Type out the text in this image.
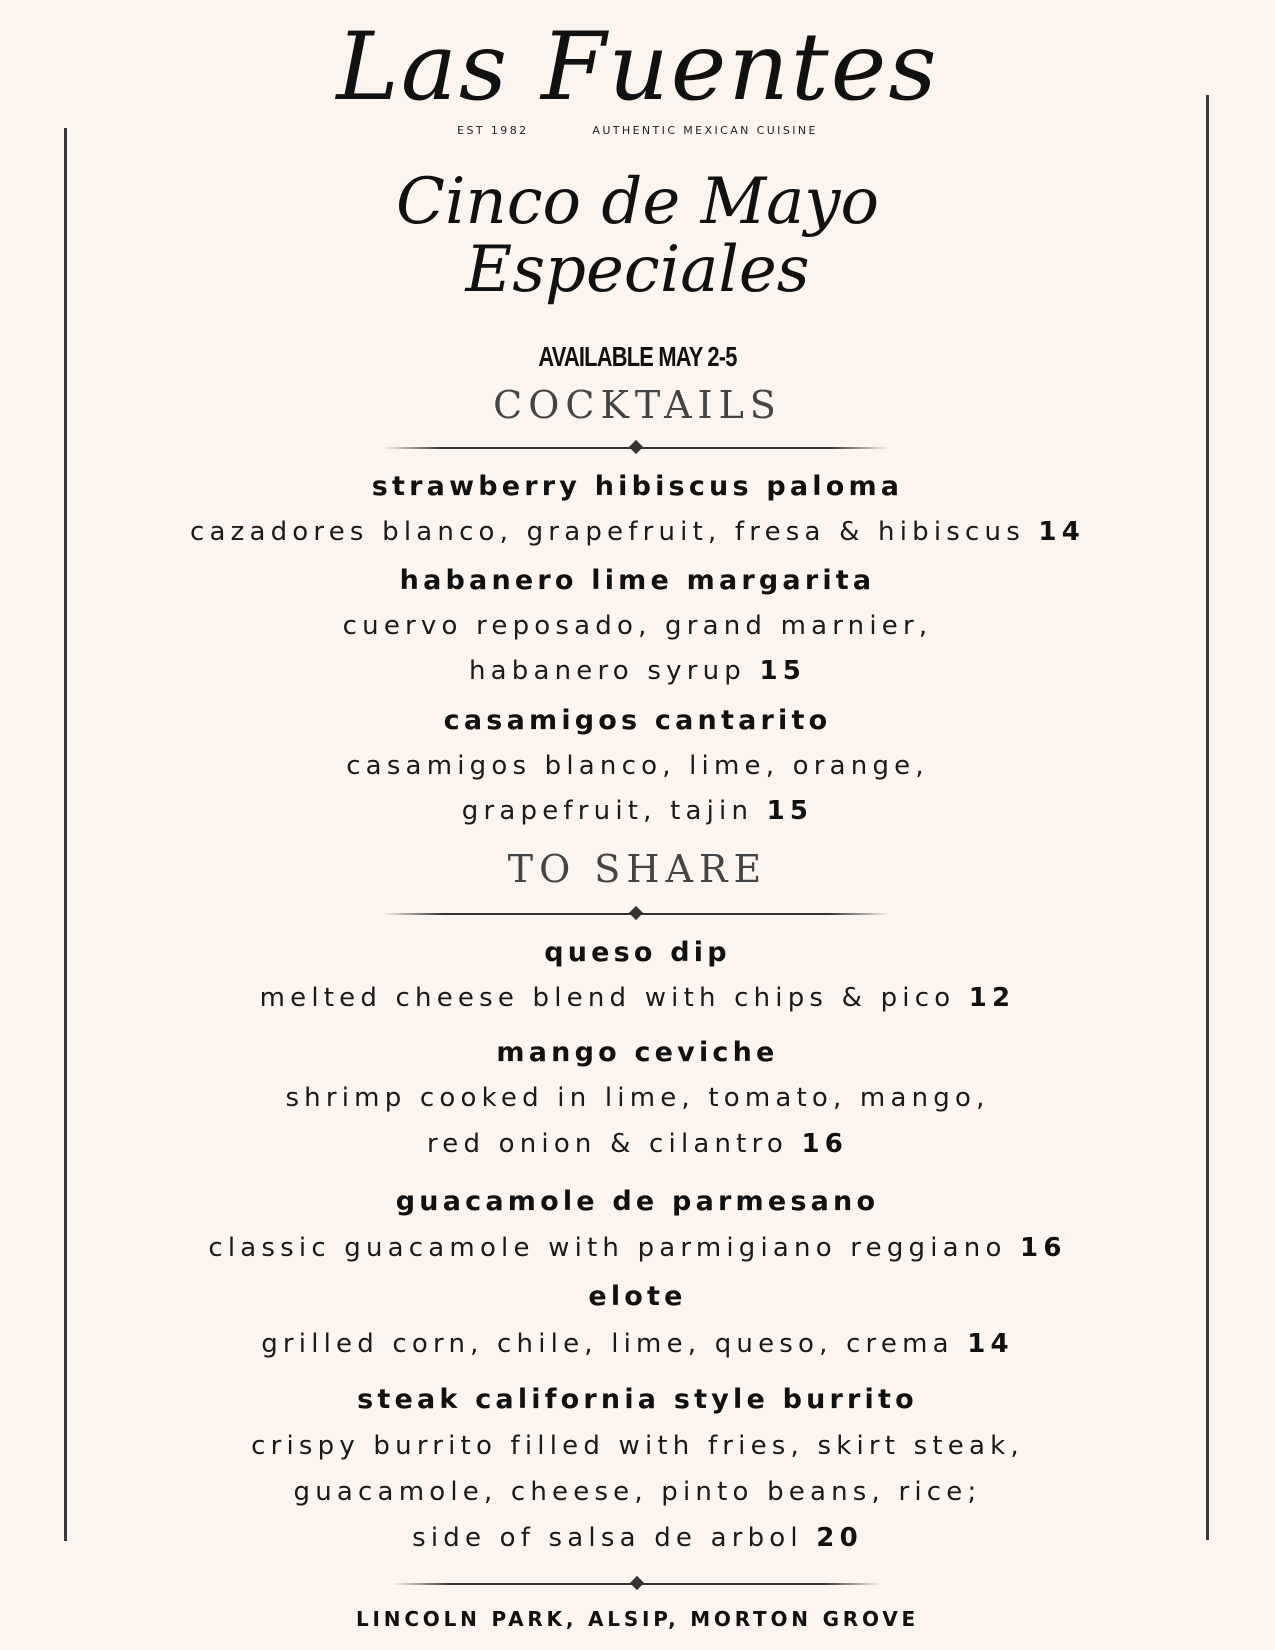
Las Fuentes
EST 1982	AUTHENTIC MEXICAN CUISINE
Cinco de Mayo
Especiales
AVAILABLE MAY 2-5
COCKTAILS
strawberry hibiscus paloma
cazadores blanco, grapefruit, fresa & hibiscus 14
habanero lime margarita
cuervo reposado, grand marnier,
habanero syrup 15
casamigos cantarito
casamigos blanco, lime, orange,
grapefruit, tajin 15
TO SHARE
queso dip
melted cheese blend with chips & pico 12
mango ceviche
shrimp cooked in lime, tomato, mango,
red onion & cilantro 16
guacamole de parmesano
classic guacamole with parmigiano reggiano 16
elote
grilled corn, chile, lime, queso, crema 14
steak california style burrito
crispy burrito filled with fries, skirt steak,
guacamole, cheese, pinto beans, rice;
side of salsa de arbol 20
LINCOLN PARK, ALSIP, MORTON GROVE
